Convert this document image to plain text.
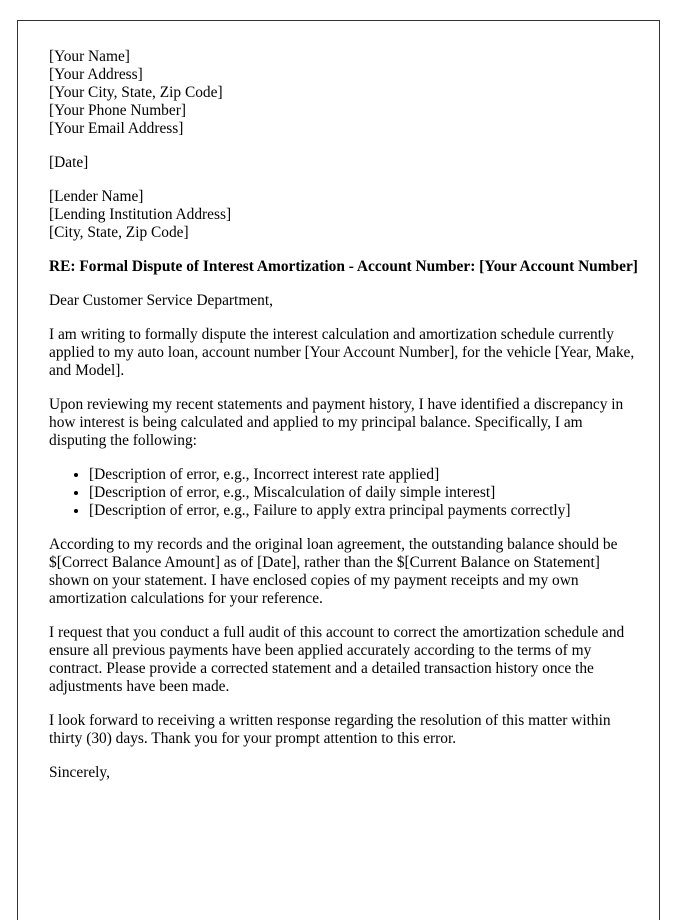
[Your Name]
[Your Address]
[Your City, State, Zip Code]
[Your Phone Number]
[Your Email Address]
[Date]
[Lender Name]
[Lending Institution Address]
[City, State, Zip Code]

RE: Formal Dispute of Interest Amortization - Account Number: [Your Account Number]

Dear Customer Service Department,

I am writing to formally dispute the interest calculation and amortization schedule currently applied to my auto loan, account number [Your Account Number], for the vehicle [Year, Make, and Model].

Upon reviewing my recent statements and payment history, I have identified a discrepancy in how interest is being calculated and applied to my principal balance. Specifically, I am disputing the following:

• [Description of error, e.g., Incorrect interest rate applied]
• [Description of error, e.g., Miscalculation of daily simple interest]
• [Description of error, e.g., Failure to apply extra principal payments correctly]

According to my records and the original loan agreement, the outstanding balance should be $[Correct Balance Amount] as of [Date], rather than the $[Current Balance on Statement] shown on your statement. I have enclosed copies of my payment receipts and my own amortization calculations for your reference.

I request that you conduct a full audit of this account to correct the amortization schedule and ensure all previous payments have been applied accurately according to the terms of my contract. Please provide a corrected statement and a detailed transaction history once the adjustments have been made.

I look forward to receiving a written response regarding the resolution of this matter within thirty (30) days. Thank you for your prompt attention to this error.

Sincerely,
